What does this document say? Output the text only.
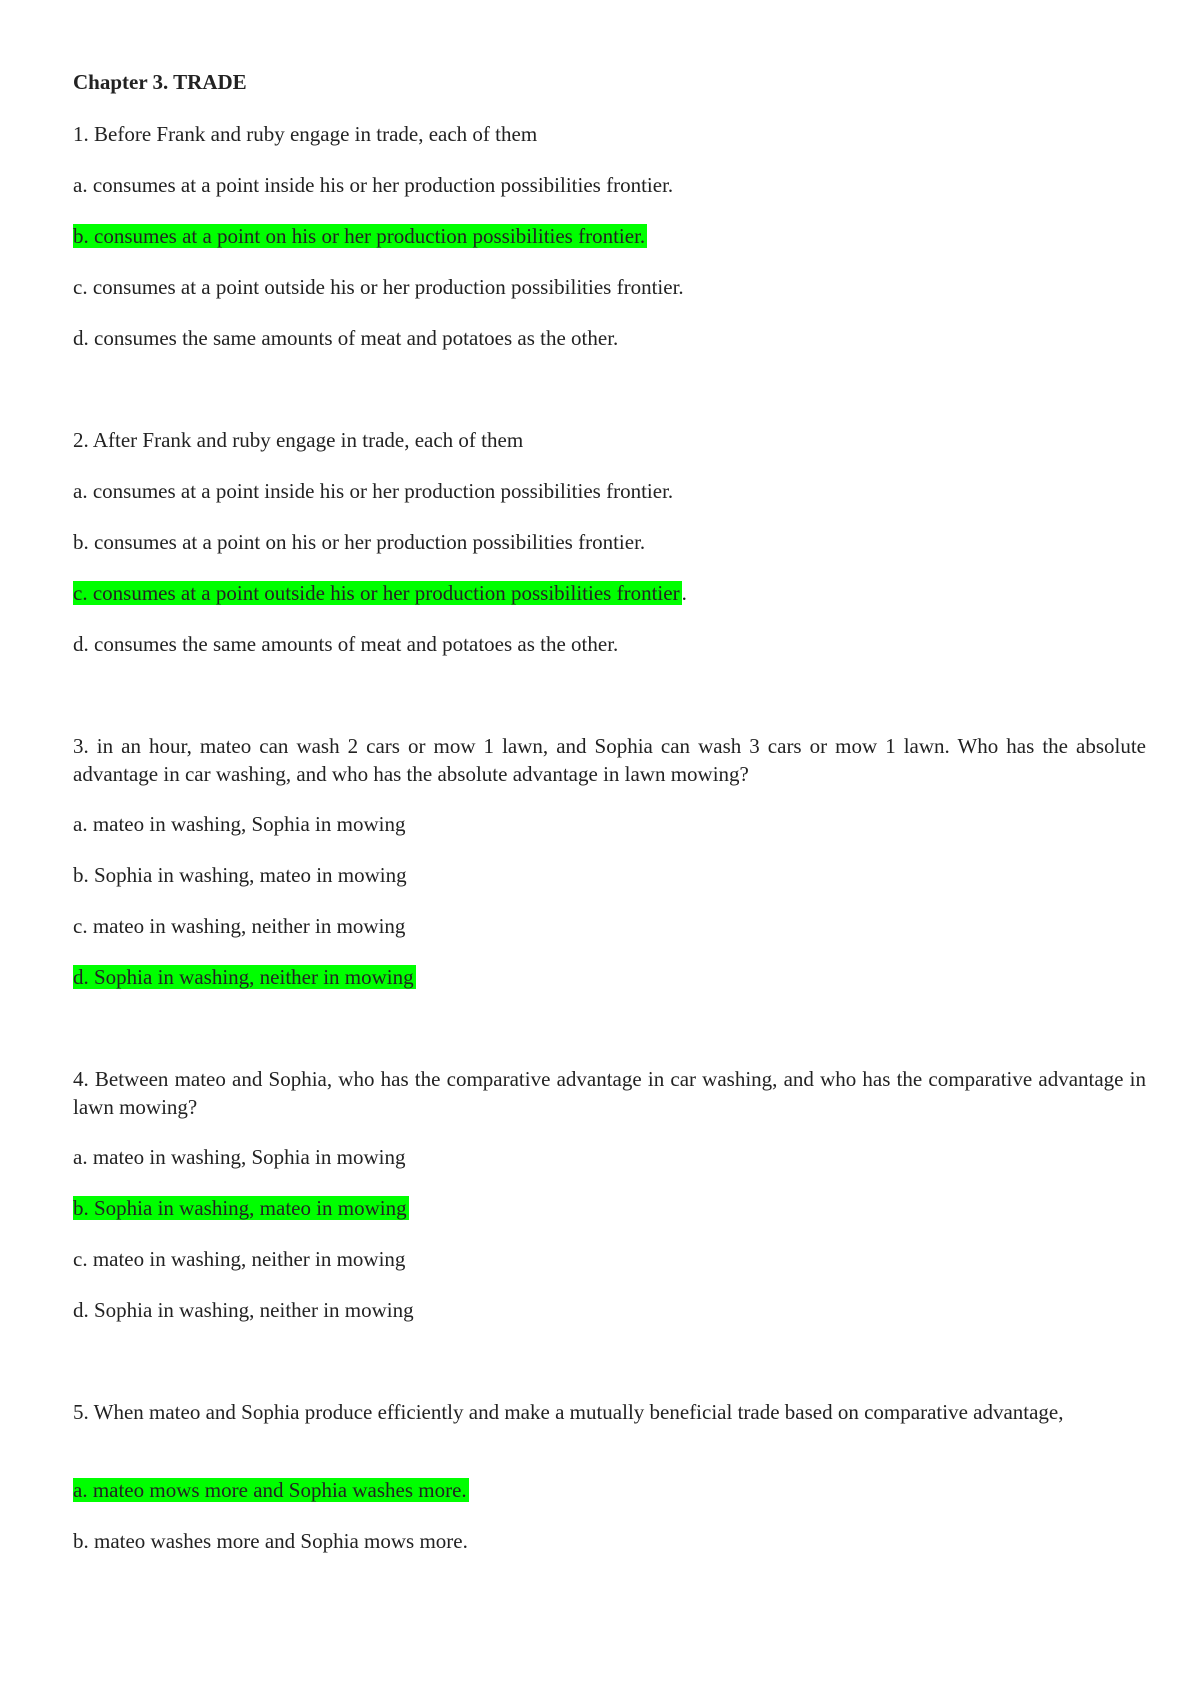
Chapter 3. TRADE

1. Before Frank and ruby engage in trade, each of them

a. consumes at a point inside his or her production possibilities frontier.

b. consumes at a point on his or her production possibilities frontier.

c. consumes at a point outside his or her production possibilities frontier.

d. consumes the same amounts of meat and potatoes as the other.

2. After Frank and ruby engage in trade, each of them

a. consumes at a point inside his or her production possibilities frontier.

b. consumes at a point on his or her production possibilities frontier.

c. consumes at a point outside his or her production possibilities frontier.

d. consumes the same amounts of meat and potatoes as the other.

3. in an hour, mateo can wash 2 cars or mow 1 lawn, and Sophia can wash 3 cars or mow 1 lawn. Who has the absolute advantage in car washing, and who has the absolute advantage in lawn mowing?

a. mateo in washing, Sophia in mowing

b. Sophia in washing, mateo in mowing

c. mateo in washing, neither in mowing

d. Sophia in washing, neither in mowing

4. Between mateo and Sophia, who has the comparative advantage in car washing, and who has the comparative advantage in lawn mowing?

a. mateo in washing, Sophia in mowing

b. Sophia in washing, mateo in mowing

c. mateo in washing, neither in mowing

d. Sophia in washing, neither in mowing

5. When mateo and Sophia produce efficiently and make a mutually beneficial trade based on comparative advantage,

a. mateo mows more and Sophia washes more.

b. mateo washes more and Sophia mows more.
